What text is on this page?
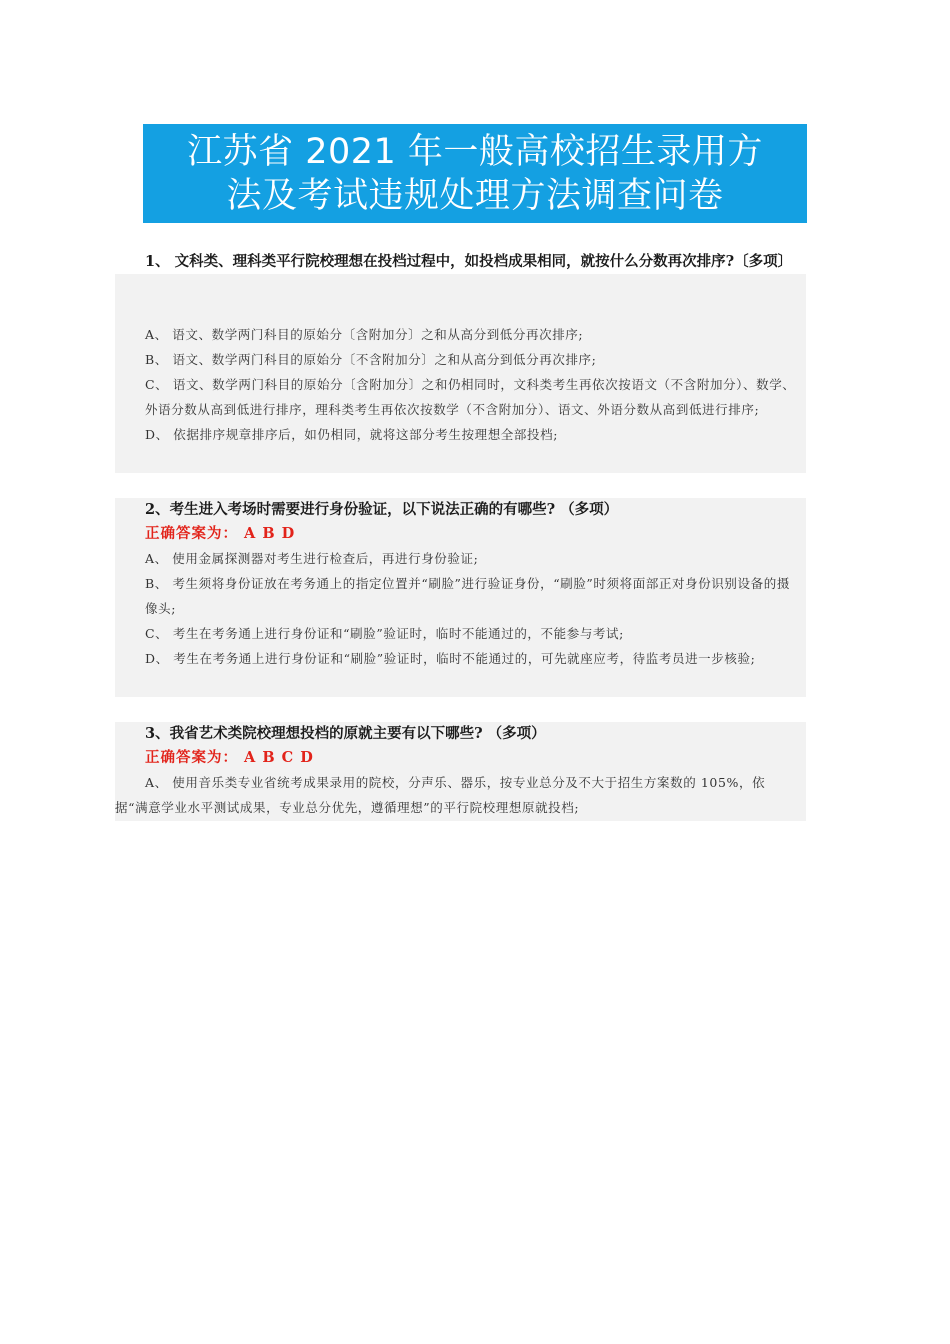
江苏省 2021 年一般高校招生录用方
法及考试违规处理方法调查问卷
1、 文科类、理科类平行院校理想在投档过程中，如投档成果相同，就按什么分数再次排序?〔多项〕
A、 语文、数学两门科目的原始分〔含附加分〕之和从高分到低分再次排序;
B、 语文、数学两门科目的原始分〔不含附加分〕之和从高分到低分再次排序;
C、 语文、数学两门科目的原始分〔含附加分〕之和仍相同时，文科类考生再依次按语文（不含附加分）、数学、外语分数从高到低进行排序，理科类考生再依次按数学（不含附加分）、语文、外语分数从高到低进行排序;
D、 依据排序规章排序后，如仍相同，就将这部分考生按理想全部投档;
A、 使用金属探测器对考生进行检查后，再进行身份验证;
B、 考生须将身份证放在考务通上的指定位置并“刷脸”进行验证身份，“刷脸”时须将面部正对身份识别设备的摄像头;
C、 考生在考务通上进行身份证和“刷脸”验证时，临时不能通过的，不能参与考试;
D、 考生在考务通上进行身份证和“刷脸”验证时，临时不能通过的，可先就座应考，待监考员进一步核验;
2、考生进入考场时需要进行身份验证，以下说法正确的有哪些? （多项）
正确答案为： A B D
A、 使用音乐类专业省统考成果录用的院校，分声乐、器乐，按专业总分及不大于招生方案数的 105%，依据“满意学业水平测试成果，专业总分优先，遵循理想”的平行院校理想原就投档;
3、我省艺术类院校理想投档的原就主要有以下哪些? （多项）
正确答案为： A B C D
